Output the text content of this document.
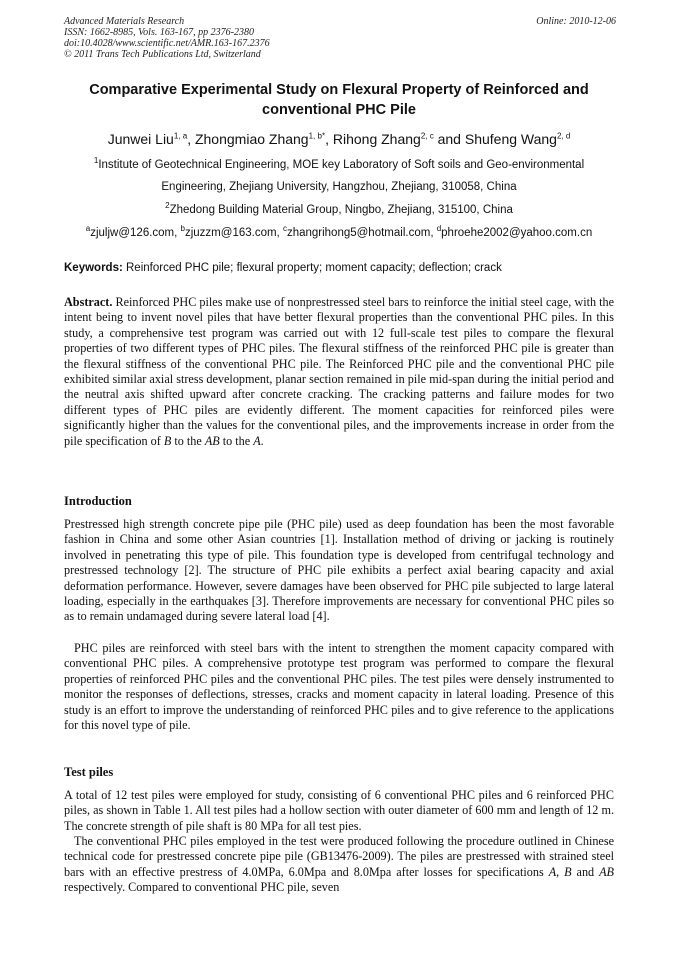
Advanced Materials Research
ISSN: 1662-8985, Vols. 163-167, pp 2376-2380
doi:10.4028/www.scientific.net/AMR.163-167.2376
© 2011 Trans Tech Publications Ltd, Switzerland
Online: 2010-12-06
Comparative Experimental Study on Flexural Property of Reinforced and
conventional PHC Pile
Junwei Liu$^{1, a}$, Zhongmiao Zhang$^{1, b*}$, Rihong Zhang$^{2, c}$ and Shufeng Wang$^{2, d}$
$^1$Institute of Geotechnical Engineering, MOE key Laboratory of Soft soils and Geo-environmental
Engineering, Zhejiang University, Hangzhou, Zhejiang, 310058, China
$^2$Zhedong Building Material Group, Ningbo, Zhejiang, 315100, China
$^a$zjuljw@126.com, $^b$zjuzzm@163.com, $^c$zhangrihong5@hotmail.com, $^d$phroehe2002@yahoo.com.cn
Keywords: Reinforced PHC pile; flexural property; moment capacity; deflection; crack
Abstract. Reinforced PHC piles make use of nonprestressed steel bars to reinforce the initial steel cage, with the intent being to invent novel piles that have better flexural properties than the conventional PHC piles. In this study, a comprehensive test program was carried out with 12 full-scale test piles to compare the flexural properties of two different types of PHC piles. The flexural stiffness of the reinforced PHC pile is greater than the flexural stiffness of the conventional PHC pile. The Reinforced PHC pile and the conventional PHC pile exhibited similar axial stress development, planar section remained in pile mid-span during the initial period and the neutral axis shifted upward after concrete cracking. The cracking patterns and failure modes for two different types of PHC piles are evidently different. The moment capacities for reinforced piles were significantly higher than the values for the conventional piles, and the improvements increase in order from the pile specification of B to the AB to the A.
Introduction
Prestressed high strength concrete pipe pile (PHC pile) used as deep foundation has been the most favorable fashion in China and some other Asian countries [1]. Installation method of driving or jacking is routinely involved in penetrating this type of pile. This foundation type is developed from centrifugal technology and prestressed technology [2]. The structure of PHC pile exhibits a perfect axial bearing capacity and axial deformation performance. However, severe damages have been observed for PHC pile subjected to large lateral loading, especially in the earthquakes [3]. Therefore improvements are necessary for conventional PHC piles so as to remain undamaged during severe lateral load [4].
PHC piles are reinforced with steel bars with the intent to strengthen the moment capacity compared with conventional PHC piles. A comprehensive prototype test program was performed to compare the flexural properties of reinforced PHC piles and the conventional PHC piles. The test piles were densely instrumented to monitor the responses of deflections, stresses, cracks and moment capacity in lateral loading. Presence of this study is an effort to improve the understanding of reinforced PHC piles and to give reference to the applications for this novel type of pile.
Test piles
A total of 12 test piles were employed for study, consisting of 6 conventional PHC piles and 6 reinforced PHC piles, as shown in Table 1. All test piles had a hollow section with outer diameter of 600 mm and length of 12 m. The concrete strength of pile shaft is 80 MPa for all test pies.
The conventional PHC piles employed in the test were produced following the procedure outlined in Chinese technical code for prestressed concrete pipe pile (GB13476-2009). The piles are prestressed with strained steel bars with an effective prestress of 4.0MPa, 6.0Mpa and 8.0Mpa after losses for specifications A, B and AB respectively. Compared to conventional PHC pile, seven
